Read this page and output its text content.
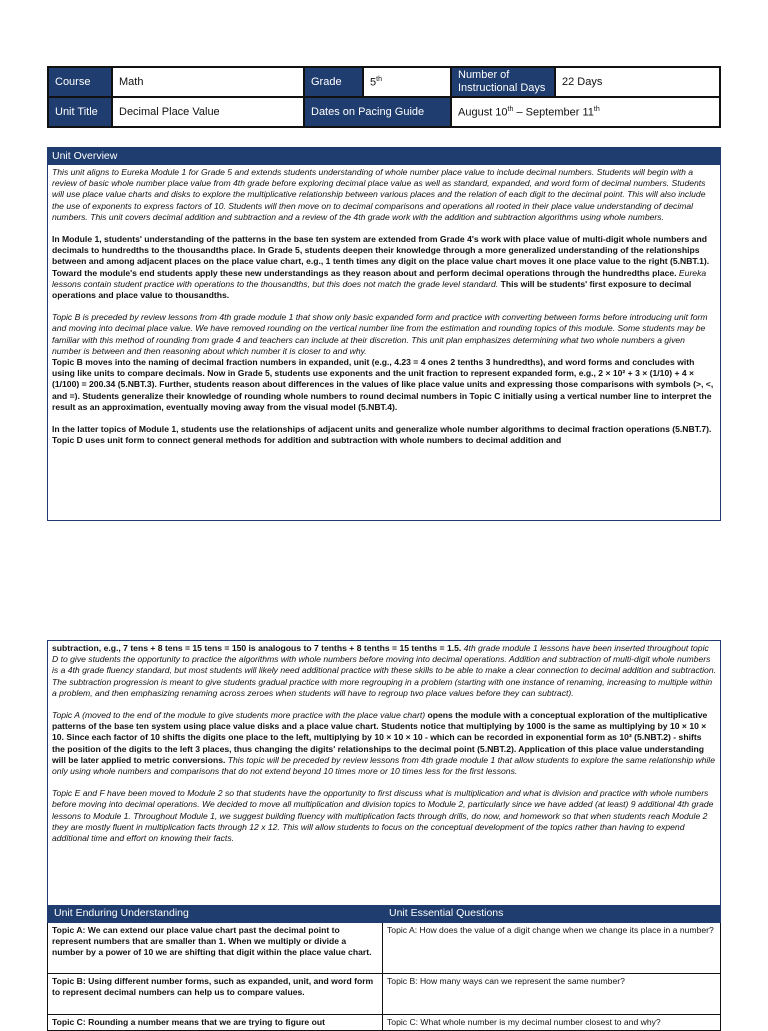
Course	Math	Grade	5th	Number of Instructional Days	22 Days
Unit Title	Decimal Place Value	Dates on Pacing Guide		August 10th – September 11th
Unit Overview

This unit aligns to Eureka Module 1 for Grade 5 and extends students understanding of whole number place value to include decimal numbers. Students will begin with a review of basic whole number place value from 4th grade before exploring decimal place value as well as standard, expanded, and word form of decimal numbers. Students will use place value charts and disks to explore the multiplicative relationship between various places and the relation of each digit to the decimal point. This will also include the use of exponents to express factors of 10. Students will then move on to decimal comparisons and operations all rooted in their place value understanding of decimal numbers. This unit covers decimal addition and subtraction and a review of the 4th grade work with the addition and subtraction algorithms using whole numbers.

In Module 1, students' understanding of the patterns in the base ten system are extended from Grade 4's work with place value of multi-digit whole numbers and decimals to hundredths to the thousandths place. In Grade 5, students deepen their knowledge through a more generalized understanding of the relationships between and among adjacent places on the place value chart, e.g., 1 tenth times any digit on the place value chart moves it one place value to the right (5.NBT.1). Toward the module's end students apply these new understandings as they reason about and perform decimal operations through the hundredths place. Eureka lessons contain student practice with operations to the thousandths, but this does not match the grade level standard. This will be students' first exposure to decimal operations and place value to thousandths.

Topic B is preceded by review lessons from 4th grade module 1 that show only basic expanded form and practice with converting between forms before introducing unit form and moving into decimal place value. We have removed rounding on the vertical number line from the estimation and rounding topics of this module. Some students may be familiar with this method of rounding from grade 4 and teachers can include at their discretion. This unit plan emphasizes determining what two whole numbers a given number is between and then reasoning about which number it is closer to and why.

Topic B moves into the naming of decimal fraction numbers in expanded, unit (e.g., 4.23 = 4 ones 2 tenths 3 hundredths), and word forms and concludes with using like units to compare decimals. Now in Grade 5, students use exponents and the unit fraction to represent expanded form, e.g., 2 × 10² + 3 × (1/10) + 4 × (1/100) = 200.34 (5.NBT.3). Further, students reason about differences in the values of like place value units and expressing those comparisons with symbols (>, <, and =). Students generalize their knowledge of rounding whole numbers to round decimal numbers in Topic C initially using a vertical number line to interpret the result as an approximation, eventually moving away from the visual model (5.NBT.4).

In the latter topics of Module 1, students use the relationships of adjacent units and generalize whole number algorithms to decimal fraction operations (5.NBT.7). Topic D uses unit form to connect general methods for addition and subtraction with whole numbers to decimal addition and

subtraction, e.g., 7 tens + 8 tens = 15 tens = 150 is analogous to 7 tenths + 8 tenths = 15 tenths = 1.5. 4th grade module 1 lessons have been inserted throughout topic D to give students the opportunity to practice the algorithms with whole numbers before moving into decimal operations. Addition and subtraction of multi-digit whole numbers is a 4th grade fluency standard, but most students will likely need additional practice with these skills to be able to make a clear connection to decimal addition and subtraction. The subtraction progression is meant to give students gradual practice with more regrouping in a problem (starting with one instance of renaming, increasing to multiple within a problem, and then emphasizing renaming across zeroes when students will have to regroup two place values before they can subtract).

Topic A (moved to the end of the module to give students more practice with the place value chart) opens the module with a conceptual exploration of the multiplicative patterns of the base ten system using place value disks and a place value chart. Students notice that multiplying by 1000 is the same as multiplying by 10 × 10 × 10. Since each factor of 10 shifts the digits one place to the left, multiplying by 10 × 10 × 10 - which can be recorded in exponential form as 10³ (5.NBT.2) - shifts the position of the digits to the left 3 places, thus changing the digits' relationships to the decimal point (5.NBT.2). Application of this place value understanding will be later applied to metric conversions. This topic will be preceded by review lessons from 4th grade module 1 that allow students to explore the same relationship while only using whole numbers and comparisons that do not extend beyond 10 times more or 10 times less for the first lessons.

Topic E and F have been moved to Module 2 so that students have the opportunity to first discuss what is multiplication and what is division and practice with whole numbers before moving into decimal operations. We decided to move all multiplication and division topics to Module 2, particularly since we have added (at least) 9 additional 4th grade lessons to Module 1. Throughout Module 1, we suggest building fluency with multiplication facts through drills, do now, and homework so that when students reach Module 2 they are mostly fluent in multiplication facts through 12 x 12. This will allow students to focus on the conceptual development of the topics rather than having to expend additional time and effort on knowing their facts.

Unit Enduring Understanding	Unit Essential Questions
Topic A: We can extend our place value chart past the decimal point to represent numbers that are smaller than 1. When we multiply or divide a number by a power of 10 we are shifting that digit within the place value chart.	Topic A: How does the value of a digit change when we change its place in a number?
Topic B: Using different number forms, such as expanded, unit, and word form to represent decimal numbers can help us to compare values.	Topic B: How many ways can we represent the same number?
Topic C: Rounding a number means that we are trying to figure out	Topic C: What whole number is my decimal number closest to and why?
